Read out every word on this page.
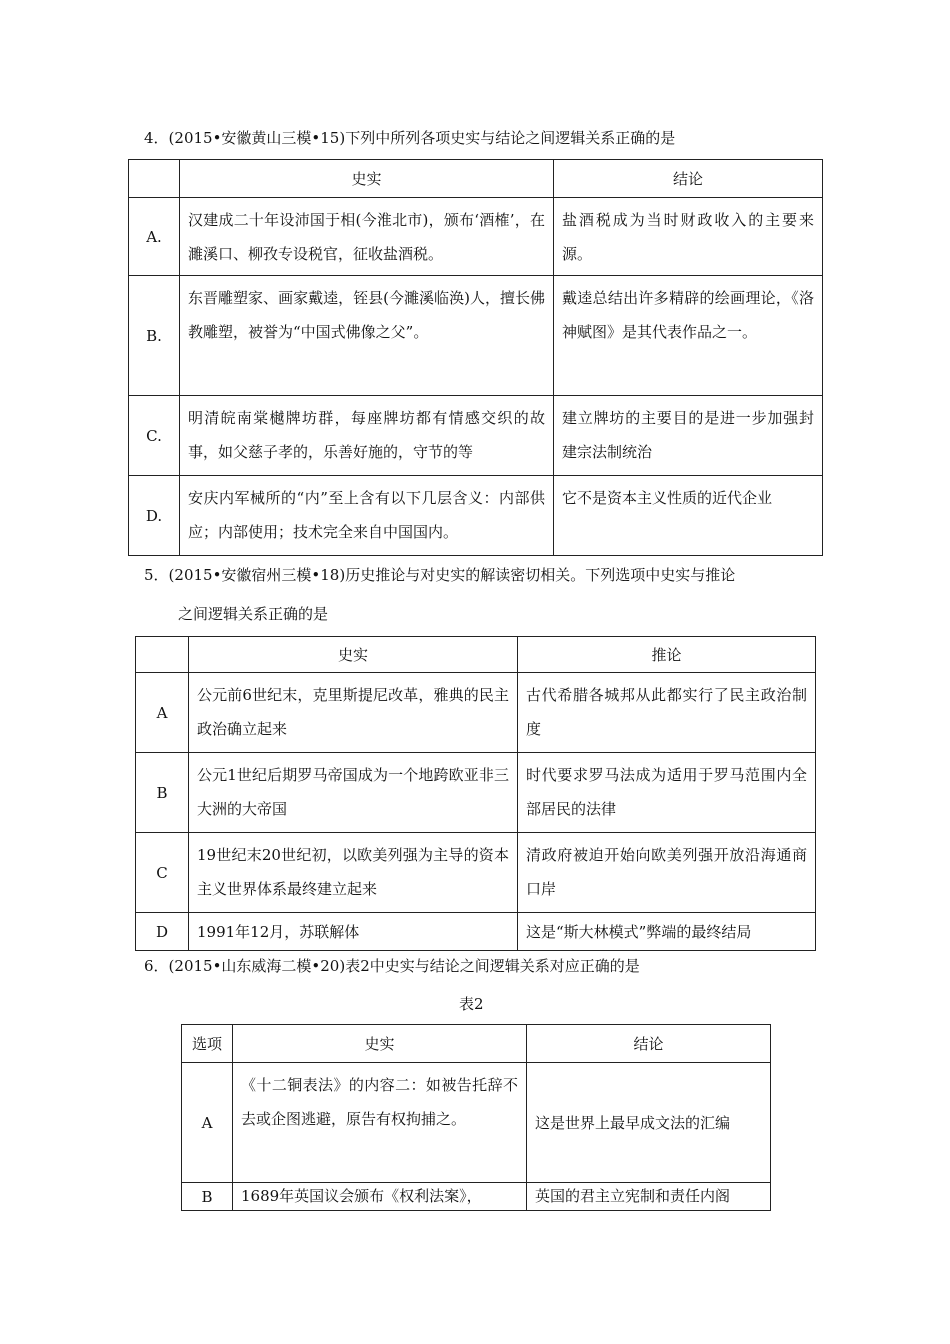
4．(2015•安徽黄山三模•15)下列中所列各项史实与结论之间逻辑关系正确的是
	史实	结论
A.	汉建成二十年设沛国于相(今淮北市)，颁布‘酒榷’，在濉溪口、柳孜专设税官，征收盐酒税。	盐酒税成为当时财政收入的主要来源。
B.	东晋雕塑家、画家戴逵，铚县(今濉溪临涣)人，擅长佛教雕塑，被誉为“中国式佛像之父”。	戴逵总结出许多精辟的绘画理论，《洛神赋图》是其代表作品之一。
C.	明清皖南棠樾牌坊群，每座牌坊都有情感交织的故事，如父慈子孝的，乐善好施的，守节的等	建立牌坊的主要目的是进一步加强封建宗法制统治
D.	安庆内军械所的“内”至上含有以下几层含义：内部供应；内部使用；技术完全来自中国国内。	它不是资本主义性质的近代企业
5．(2015•安徽宿州三模•18)历史推论与对史实的解读密切相关。下列选项中史实与推论
之间逻辑关系正确的是
	史实	推论
A	公元前6世纪末，克里斯提尼改革，雅典的民主政治确立起来	古代希腊各城邦从此都实行了民主政治制度
B	公元1世纪后期罗马帝国成为一个地跨欧亚非三大洲的大帝国	时代要求罗马法成为适用于罗马范围内全部居民的法律
C	19世纪末20世纪初，以欧美列强为主导的资本主义世界体系最终建立起来	清政府被迫开始向欧美列强开放沿海通商口岸
D	1991年12月，苏联解体	这是“斯大林模式”弊端的最终结局
6．(2015•山东威海二模•20)表2中史实与结论之间逻辑关系对应正确的是
表2
选项	史实	结论
A	《十二铜表法》的内容二：如被告托辞不去或企图逃避，原告有权拘捕之。	这是世界上最早成文法的汇编
B	1689年英国议会颁布《权利法案》，	英国的君主立宪制和责任内阁
